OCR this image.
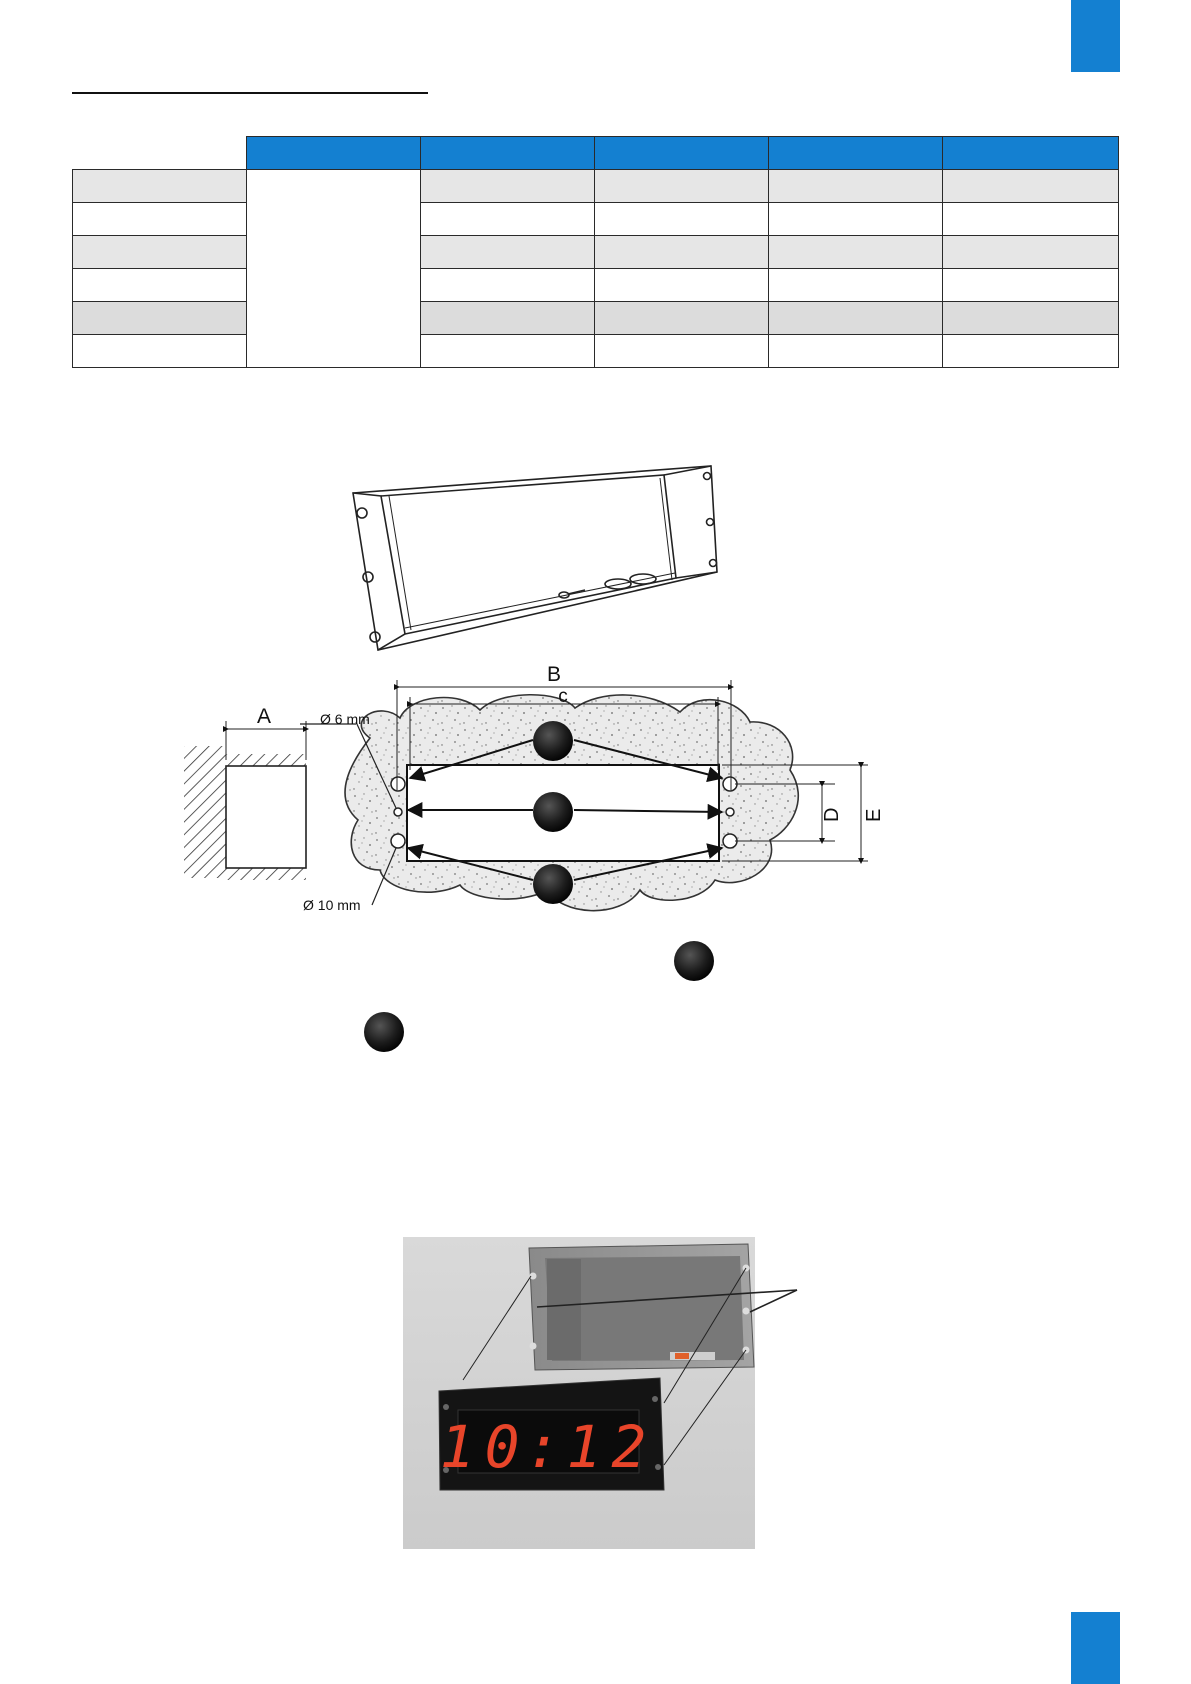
A
B
c
D E
Ø 6 mm
Ø 10 mm
10:12
